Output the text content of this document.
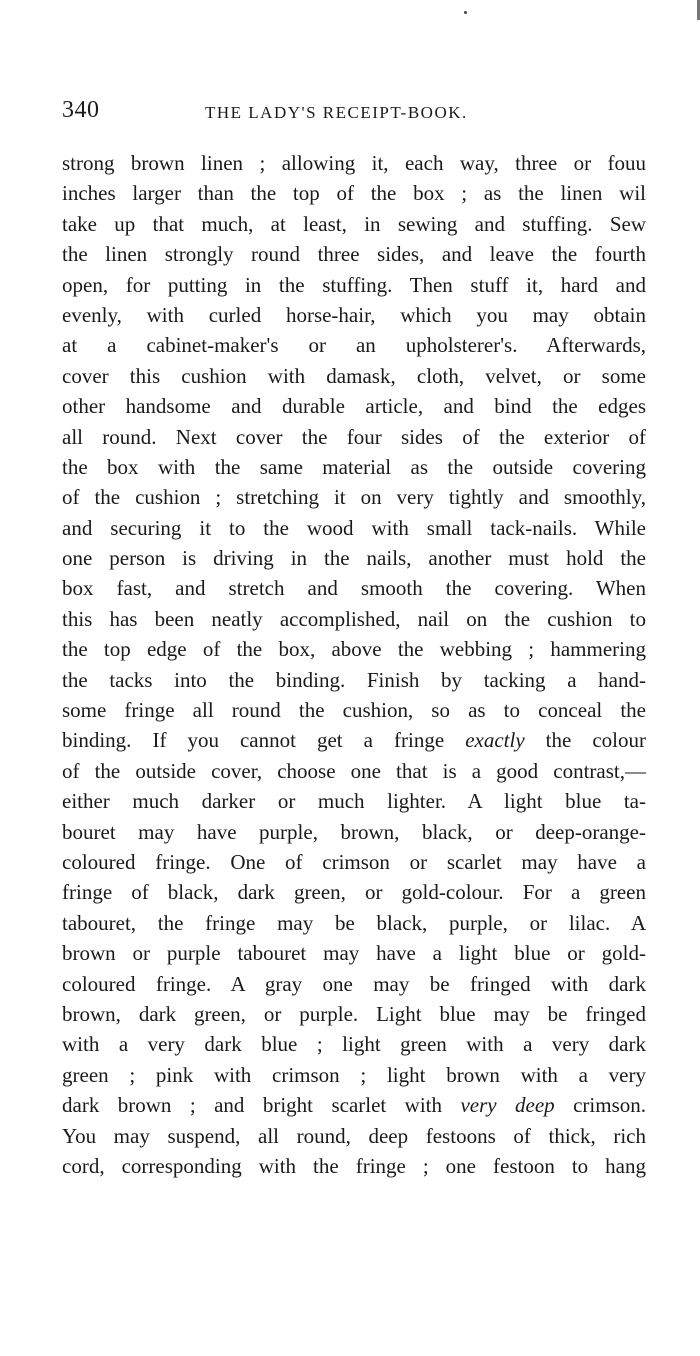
340	THE LADY'S RECEIPT-BOOK.
strong brown linen ; allowing it, each way, three or fouu
inches larger than the top of the box ; as the linen wil
take up that much, at least, in sewing and stuffing. Sew
the linen strongly round three sides, and leave the fourth
open, for putting in the stuffing. Then stuff it, hard and
evenly, with curled horse-hair, which you may obtain
at a cabinet-maker's or an upholsterer's. Afterwards,
cover this cushion with damask, cloth, velvet, or some
other handsome and durable article, and bind the edges
all round. Next cover the four sides of the exterior of
the box with the same material as the outside covering
of the cushion ; stretching it on very tightly and smoothly,
and securing it to the wood with small tack-nails. While
one person is driving in the nails, another must hold the
box fast, and stretch and smooth the covering. When
this has been neatly accomplished, nail on the cushion to
the top edge of the box, above the webbing ; hammering
the tacks into the binding. Finish by tacking a hand-
some fringe all round the cushion, so as to conceal the
binding. If you cannot get a fringe exactly the colour
of the outside cover, choose one that is a good contrast,—
either much darker or much lighter. A light blue ta-
bouret may have purple, brown, black, or deep-orange-
coloured fringe. One of crimson or scarlet may have a
fringe of black, dark green, or gold-colour. For a green
tabouret, the fringe may be black, purple, or lilac. A
brown or purple tabouret may have a light blue or gold-
coloured fringe. A gray one may be fringed with dark
brown, dark green, or purple. Light blue may be fringed
with a very dark blue ; light green with a very dark
green ; pink with crimson ; light brown with a very
dark brown ; and bright scarlet with very deep crimson.
You may suspend, all round, deep festoons of thick, rich
cord, corresponding with the fringe ; one festoon to hang
